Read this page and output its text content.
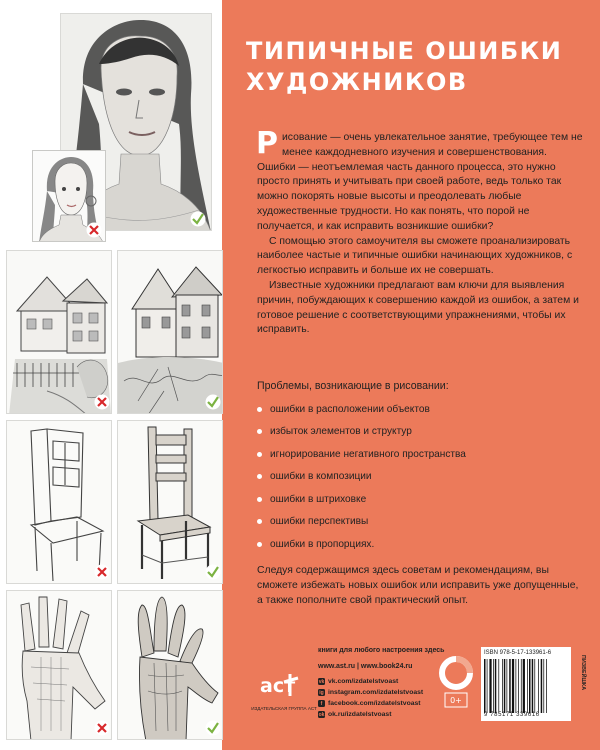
ТИПИЧНЫЕ ОШИБКИ
ХУДОЖНИКОВ

Рисование — очень увлекательное занятие, требующее тем не менее каждодневного изучения и совершенствования. Ошибки — неотъемлемая часть данного процесса, это нужно просто принять и учитывать при своей работе, ведь только так можно покорять новые высоты и преодолевать любые художественные трудности. Но как понять, что порой не получается, и как исправить возникшие ошибки?

С помощью этого самоучителя вы сможете проанализировать наиболее частые и типичные ошибки начинающих художников, с легкостью исправить и больше их не совершать.

Известные художники предлагают вам ключи для выявления причин, побуждающих к совершению каждой из ошибок, а затем и готовое решение с соответствующими упражнениями, чтобы их исправить.

Проблемы, возникающие в рисовании:
ошибки в расположении объектов
избыток элементов и структур
игнорирование негативного пространства
ошибки в композиции
ошибки в штриховке
ошибки перспективы
ошибки в пропорциях.
Следуя содержащимся здесь советам и рекомендациям, вы сможете избежать новых ошибок или исправить уже допущенные, а также пополните свой практический опыт.
книги для любого настроения здесь
www.ast.ru | www.book24.ru
аст
ИЗДАТЕЛЬСКАЯ ГРУППА АСТ
vk vk.com/izdatelstvoast
ig instagram.com/izdatelstvoast
f facebook.com/izdatelstvoast
ok ok.ru/izdatelstvoast
0+
ISBN 978-5-17-133961-6
9 785171 339616
ПИЗВЕЙШКА
